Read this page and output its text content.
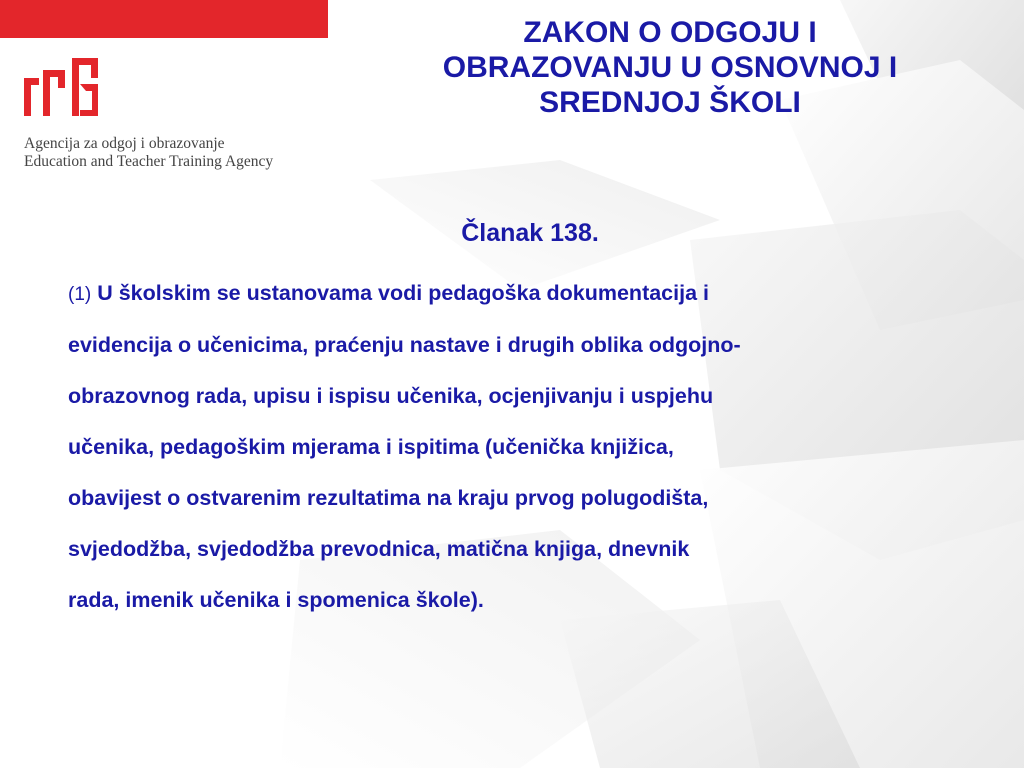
Agencija za odgoj i obrazovanje
Education and Teacher Training Agency
ZAKON O ODGOJU I
OBRAZOVANJU U OSNOVNOJ I
SREDNJOJ ŠKOLI
Članak 138.

(1) U školskim se ustanovama vodi pedagoška dokumentacija i
evidencija o učenicima, praćenju nastave i drugih oblika odgojno-
obrazovnog rada, upisu i ispisu učenika, ocjenjivanju i uspjehu
učenika, pedagoškim mjerama i ispitima (učenička knjižica,
obavijest o ostvarenim rezultatima na kraju prvog polugodišta,
svjedodžba, svjedodžba prevodnica, matična knjiga, dnevnik
rada, imenik učenika i spomenica škole).
